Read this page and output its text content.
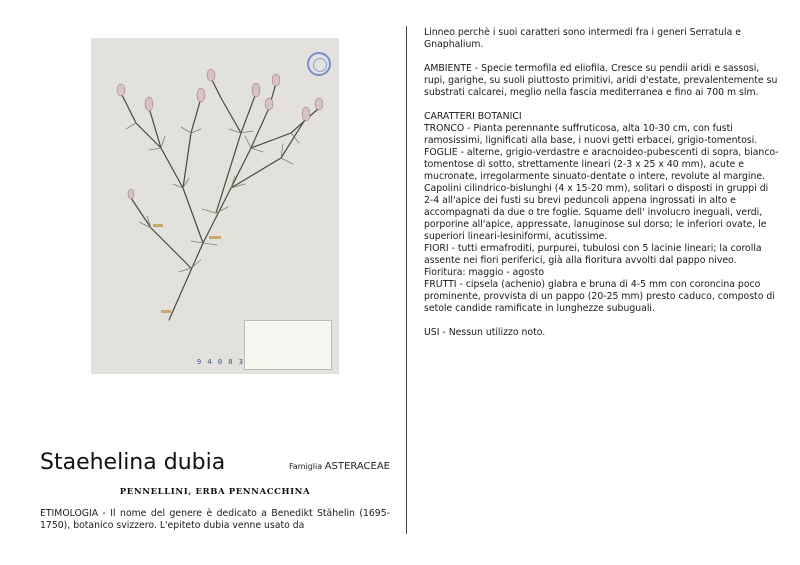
9 4 0 8 3
Staehelina dubia	Famiglia ASTERACEAE
PENNELLINI, ERBA PENNACCHINA
ETIMOLOGIA - Il nome del genere è dedicato a Benedikt Stähelin (1695-1750), botanico svizzero. L'epiteto dubia venne usato da

Linneo perchè i suoi caratteri sono intermedi fra i generi Serratula e Gnaphalium.

AMBIENTE - Specie termofila ed eliofila. Cresce su pendii aridi e sassosi, rupi, garighe, su suoli piuttosto primitivi, aridi d'estate, prevalentemente su substrati calcarei, meglio nella fascia mediterranea e fino ai 700 m slm.

CARATTERI BOTANICI

TRONCO - Pianta perennante suffruticosa, alta 10-30 cm, con fusti ramosissimi, lignificati alla base, i nuovi getti erbacei, grigio-tomentosi.

FOGLIE - alterne, grigio-verdastre e aracnoideo-pubescenti di sopra, bianco-tomentose di sotto, strettamente lineari (2-3 x 25 x 40 mm), acute e mucronate, irregolarmente sinuato-dentate o intere, revolute al margine.

Capolini cilindrico-bislunghi (4 x 15-20 mm), solitari o disposti in gruppi di 2-4 all'apice dei fusti su brevi peduncoli appena ingrossati in alto e accompagnati da due o tre foglie. Squame dell' involucro ineguali, verdi, porporine all'apice, appressate, lanuginose sul dorso; le inferiori ovate, le superiori lineari-lesiniformi, acutissime.

FIORI - tutti ermafroditi, purpurei, tubulosi con 5 lacinie lineari; la corolla assente nei fiori periferici, già alla fioritura avvolti dal pappo niveo. Fioritura: maggio - agosto

FRUTTI - cipsela (achenio) glabra e bruna di 4-5 mm con coroncina poco prominente, provvista di un pappo (20-25 mm) presto caduco, composto di setole candide ramificate in lunghezze subuguali.

USI - Nessun utilizzo noto.
